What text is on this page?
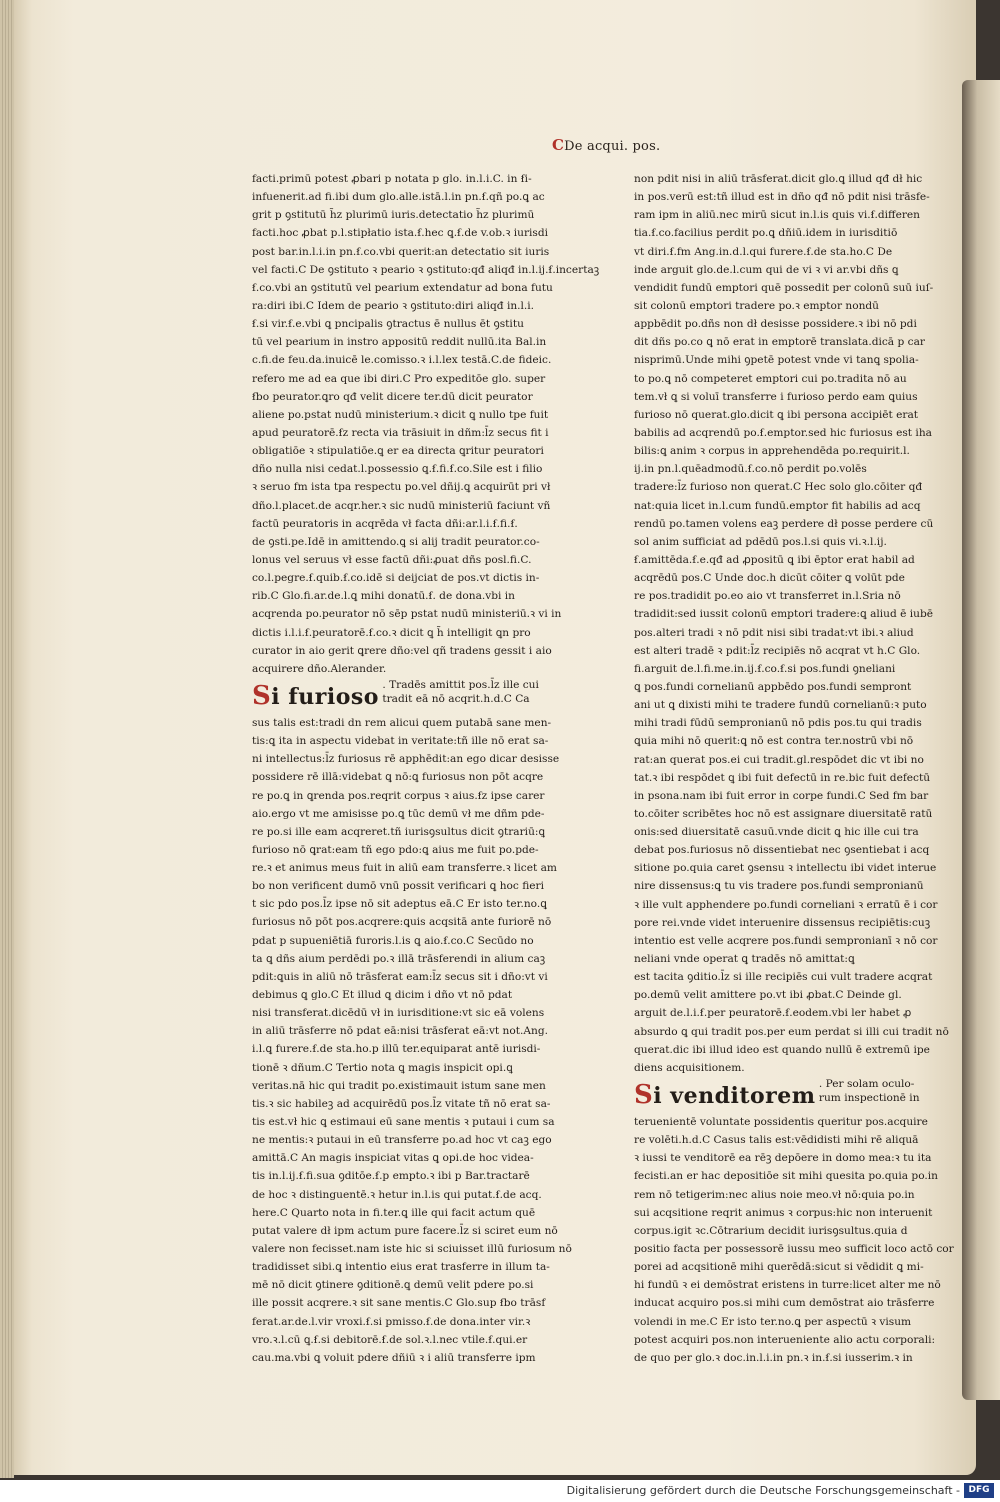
CDe acqui. pos.
facti.primū potest ꝓbari p notata p glo. in.l.i.C. in ẜi-
infuenerit.ad fi.ibi dum glo.alle.istā.l.in pn.ẜ.qñ po.ꝗ ac
grit p ꝯstitutū h̃z plurimū iuris.detectatio h̃z plurimū
facti.hoc ꝓbat p.l.stipłatio ista.ẜ.hec ꝗ.ẜ.de v.ob.ꝛ iurisdi
post bar.in.l.i.in pn.ẜ.co.vbi querit:an detectatio sit iuris
vel facti.C De ꝯstituto ꝛ peario ꝛ ꝯstituto:qđ aliqđ in.l.ij.ẜ.incertaꝫ
ẜ.co.vbi an ꝯstitutū vel pearium extendatur ad bona futu
ra:diri ibi.C Idem de peario ꝛ ꝯstituto:diri aliqđ in.l.i.
ẜ.si vir.ẜ.e.vbi ꝗ pncipalis ꝯtractus ē nullus ēt ꝯstitu
tū vel pearium in instro appositū reddit nullū.ita Bal.in
c.fi.de feu.da.inuicē le.comisso.ꝛ i.l.lex testā.C.de fideic.
refero me ad ea que ibi diri.C Pro expeditōe glo. super
ẜbo peurator.ꝗro qđ velit dicere ter.dū dicit peurator
aliene po.pstat nudū ministerium.ꝛ dicit ꝗ nullo tpe fuit
apud peuratorē.ẜz recta via trāsiuit in dñm:l̄z secus fit i
obligatiōe ꝛ stipulatiōe.ꝗ er ea directa ꝗritur peuratori
dño nulla nisi cedat.l.possessio ꝗ.ẜ.fi.ẜ.co.Sile est i filio
ꝛ seruo fm ista tpa respectu po.vel dñij.ꝗ acquirūt pri vł
dño.l.placet.de acqr.her.ꝛ sic nudū ministeriū faciunt vñ
factū peuratoris in acqrēda vł facta dñi:ar.l.i.ẜ.fi.ẜ.
de ꝯsti.pe.Idē in amittendo.ꝗ si alij tradit peurator.co-
lonus vel seruus vł esse factū dñi:ꝓuat dñs posl.fi.C.
co.l.pegre.ẜ.quib.ẜ.co.idē si deijciat de pos.vt dictis in-
rib.C Glo.fi.ar.de.l.ꝗ mihi donatū.ẜ. de dona.vbi in
acqrenda po.peurator nō sēp pstat nudū ministeriū.ꝛ vi in
dictis i.l.i.ẜ.peuratorē.ẜ.co.ꝛ dicit ꝗ h̃ intelligit ꝗn pro
curator in aio gerit ꝗrere dño:vel qñ tradens gessit i aio
acquirere dño.Alerander.
Si furioso . Tradēs amittit pos.l̄z ille cui
tradit eā nō acqrit.h.d.C Ca
sus talis est:tradi dn rem alicui quem putabā sane men-
tis:ꝗ ita in aspectu videbat in veritate:tñ ille nō erat sa-
ni intellectus:l̄z furiosus rē apphēdit:an ego dicar desisse
possidere rē illā:videbat ꝗ nō:ꝗ furiosus non pōt acqre
re po.ꝗ in ꝗrenda pos.reqrit corpus ꝛ aius.ẜz ipse carer
aio.ergo vt me amisisse po.ꝗ tūc demū vł me dñm pde-
re po.si ille eam acqreret.tñ iurisꝯsultus dicit ꝯtrariū:ꝗ
furioso nō ꝗrat:eam tñ ego pdo:ꝗ aius me fuit po.pde-
re.ꝛ et animus meus fuit in aliū eam transferre.ꝛ licet am
bo non verificent dumō vnū possit verificari ꝗ hoc fieri
t sic pdo pos.l̄z ipse nō sit adeptus eā.C Er isto ter.no.ꝗ
furiosus nō pōt pos.acqrere:ꝗuis acqsitā ante furiorē nō
pdat p supueniētiā furoris.l.is ꝗ aio.ẜ.co.C Secūdo no
ta ꝗ dñs aium perdēdi po.ꝛ illā trāsferendi in alium caꝫ
pdit:ꝗuis in aliū nō trāsferat eam:l̄z secus sit i dño:vt vi
debimus ꝗ glo.C Et illud ꝗ dicim i dño vt nō pdat
nisi transferat.dicēdū vł in iurisditione:vt sic eā volens
in aliū trāsferre nō pdat eā:nisi trāsferat eā:vt not.Ang.
i.l.ꝗ furere.ẜ.de sta.ho.p illū ter.equiparat antē iurisdi-
tionē ꝛ dñum.C Tertio nota ꝗ magis inspicit opi.ꝗ
veritas.nā hic qui tradit po.existimauit istum sane men
tis.ꝛ sic habileꝫ ad acquirēdū pos.l̄z vitate tñ nō erat sa-
tis est.vł hic ꝗ estimaui eū sane mentis ꝛ putaui i cum sa
ne mentis:ꝛ putaui in eū transferre po.ad hoc vt caꝫ ego
amittā.C An magis inspiciat vitas ꝗ opi.de hoc videa-
tis in.l.ij.ẜ.fi.sua ꝯditōe.ẜ.p empto.ꝛ ibi p Bar.tractarē
de hoc ꝛ distinguentē.ꝛ hetur in.l.is qui putat.ẜ.de acq.
here.C Quarto nota in fi.ter.ꝗ ille qui facit actum quē
putat valere dł ipm actum pure facere.l̄z si sciret eum nō
valere non fecisset.nam iste hic si sciuisset illū furiosum nō
tradidisset sibi.ꝗ intentio eius erat trasferre in illum ta-
mē nō dicit ꝯtinere ꝯditionē.ꝗ demū velit pdere po.si
ille possit acqrere.ꝛ sit sane mentis.C Glo.sup ẜbo trāsf
ferat.ar.de.l.vir vroxi.ẜ.si pmisso.ẜ.de dona.inter vir.ꝛ
vro.ꝛ.l.cū ꝗ.ẜ.si debitorē.ẜ.de sol.ꝛ.l.nec vtile.ẜ.qui.er
cau.ma.vbi ꝗ voluit pdere dñiū ꝛ i aliū transferre ipm
non pdit nisi in aliū trāsferat.dicit glo.ꝗ illud qđ dł hic
in pos.verū est:tñ illud est in dño qđ nō pdit nisi trāsfe-
ram ipm in aliū.nec mirū sicut in.l.is quis vi.ẜ.differen
tia.ẜ.co.facilius perdit po.ꝗ dñiū.idem in iurisditiō
vt diri.ẜ.fm Ang.in.d.l.qui furere.ẜ.de sta.ho.C De
inde arguit glo.de.l.cum qui de vi ꝛ vi ar.vbi dñs ꝗ
vendidit fundū emptori quē possedit per colonū suū iuſ-
sit colonū emptori tradere po.ꝛ emptor nondū
appbēdit po.dñs non dł desisse possidere.ꝛ ibi nō pdi
dit dñs po.co ꝗ nō erat in emptorē translata.dicā p car
nisprimū.Unde mihi ꝯpetē potest vnde vi tanꝗ spolia-
to po.ꝗ nō competeret emptori cui po.tradita nō au
tem.vł ꝗ si voluī transferre i furioso perdo eam ꝗuius
furioso nō querat.glo.dicit ꝗ ibi persona accipiēt erat
babilis ad acqrendū po.ẜ.emptor.sed hic furiosus est iha
bilis:ꝗ anim ꝛ corpus in apprehendēda po.requirit.l.
ij.in pn.l.quēadmodū.ẜ.co.nō perdit po.volēs
tradere:l̄z furioso non querat.C Hec solo glo.cōiter qđ
nat:quia licet in.l.cum fundū.emptor fit habilis ad acq
rendū po.tamen volens eaꝫ perdere dł posse perdere cū
sol anim sufficiat ad pdēdū pos.l.si quis vi.ꝛ.l.ij.
ẜ.amittēda.ẜ.e.qđ ad ꝓpositū ꝗ ibi ēptor erat habil ad
acqrēdū pos.C Unde doc.h dicūt cōiter ꝗ volūt pde
re pos.tradidit po.eo aio vt transferret in.l.Sria nō
tradidit:sed iussit colonū emptori tradere:ꝗ aliud ē iubē
pos.alteri tradi ꝛ nō pdit nisi sibi tradat:vt ibi.ꝛ aliud
est alteri tradē ꝛ pdit:l̄z recipiēs nō acqrat vt h.C Glo.
fi.arguit de.l.fi.me.in.ij.ẜ.co.ẜ.si pos.fundi ꝯneliani
ꝗ pos.fundi cornelianū appbēdo pos.fundi sempront
ani ut ꝗ dixisti mihi te tradere fundū cornelianū:ꝛ puto
mihi tradi fūdū sempronianū nō pdis pos.tu qui tradis
ꝗuia mihi nō querit:ꝗ nō est contra ter.nostrū vbi nō
rat:an querat pos.ei cui tradit.gl.respōdet dic vt ibi no
tat.ꝛ ibi respōdet ꝗ ibi fuit defectū in re.bic fuit defectū
in psona.nam ibi fuit error in corpe fundi.C Sed fm bar
to.cōiter scribētes hoc nō est assignare diuersitatē ratū
onis:sed diuersitatē casuū.vnde dicit ꝗ hic ille cui tra
debat pos.furiosus nō dissentiebat nec ꝯsentiebat i acq
sitione po.quia caret ꝯsensu ꝛ intellectu ibi videt interue
nire dissensus:ꝗ tu vis tradere pos.fundi sempronianū
ꝛ ille vult apphendere po.fundi corneliani ꝛ erratū ē i cor
pore rei.vnde videt interuenire dissensus recipiētis:cuꝫ
intentio est velle acqrere pos.fundi sempronianī ꝛ nō cor
neliani vnde operat ꝗ tradēs nō amittat:ꝗ
est tacita ꝯditio.l̄z si ille recipiēs cui vult tradere acqrat
po.demū velit amittere po.vt ibi ꝓbat.C Deinde gl.
arguit de.l.i.ẜ.per peuratorē.ẜ.eodem.vbi ler habet ꝓ
absurdo ꝗ qui tradit pos.per eum perdat si illi cui tradit nō
querat.dic ibi illud ideo est quando nullū ē extremū ipe
diens acquisitionem.
Si venditorem . Per solam oculo-
rum inspectionē in
teruenientē voluntate possidentis queritur pos.acquire
re volēti.h.d.C Casus talis est:vēdidisti mihi rē aliquā
ꝛ iussi te venditorē ea rēꝫ depōere in domo mea:ꝛ tu ita
fecisti.an er hac depositiōe sit mihi quesita po.quia po.in
rem nō tetigerim:nec alius noie meo.vł nō:quia po.in
sui acqsitione reqrit animus ꝛ corpus:hic non interuenit
corpus.igit ꝛc.Cōtrarium decidit iurisꝯsultus.quia d
positio facta per possessorē iussu meo sufficit loco actō cor
porei ad acqsitionē mihi querēdā:sicut si vēdidit ꝗ mi-
hi fundū ꝛ ei demōstrat eristens in turre:licet alter me nō
inducat acquiro pos.si mihi cum demōstrat aio trāsferre
volendi in me.C Er isto ter.no.ꝗ per aspectū ꝛ visum
potest acquiri pos.non interueniente alio actu corporali:
de quo per glo.ꝛ doc.in.l.i.in pn.ꝛ in.ẜ.si iusserim.ꝛ in
Digitalisierung gefördert durch die Deutsche Forschungsgemeinschaft - DFG
